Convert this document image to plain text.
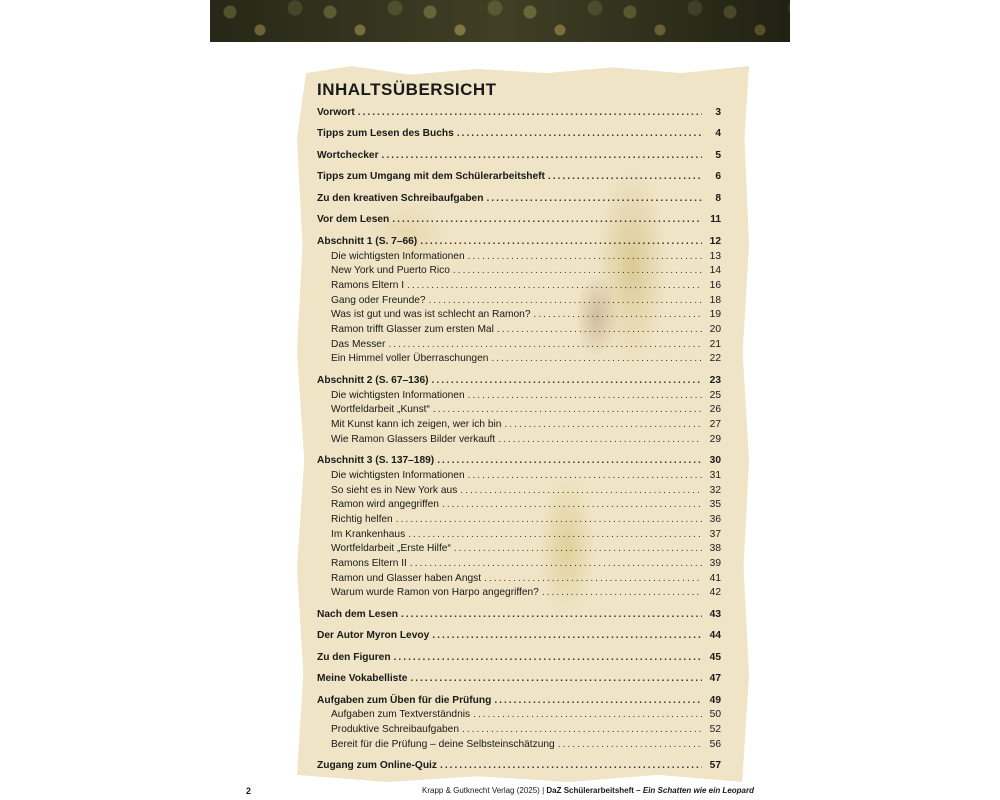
INHALTSÜBERSICHT
Vorwort .....	3
Tipps zum Lesen des Buchs .....	4
Wortchecker .....	5
Tipps zum Umgang mit dem Schülerarbeitsheft .....	6
Zu den kreativen Schreibaufgaben .....	8
Vor dem Lesen .....	11
Abschnitt 1 (S. 7–66) .....	12
Die wichtigsten Informationen .....	13
New York und Puerto Rico .....	14
Ramons Eltern I .....	16
Gang oder Freunde? .....	18
Was ist gut und was ist schlecht an Ramon? .....	19
Ramon trifft Glasser zum ersten Mal .....	20
Das Messer .....	21
Ein Himmel voller Überraschungen .....	22
Abschnitt 2 (S. 67–136) .....	23
Die wichtigsten Informationen .....	25
Wortfeldarbeit „Kunst“ .....	26
Mit Kunst kann ich zeigen, wer ich bin .....	27
Wie Ramon Glassers Bilder verkauft .....	29
Abschnitt 3 (S. 137–189) .....	30
Die wichtigsten Informationen .....	31
So sieht es in New York aus .....	32
Ramon wird angegriffen .....	35
Richtig helfen .....	36
Im Krankenhaus .....	37
Wortfeldarbeit „Erste Hilfe“ .....	38
Ramons Eltern II .....	39
Ramon und Glasser haben Angst .....	41
Warum wurde Ramon von Harpo angegriffen? .....	42
Nach dem Lesen .....	43
Der Autor Myron Levoy .....	44
Zu den Figuren .....	45
Meine Vokabelliste .....	47
Aufgaben zum Üben für die Prüfung .....	49
Aufgaben zum Textverständnis .....	50
Produktive Schreibaufgaben .....	52
Bereit für die Prüfung – deine Selbsteinschätzung .....	56
Zugang zum Online-Quiz .....	57
2	Krapp & Gutknecht Verlag (2025) | DaZ Schülerarbeitsheft – Ein Schatten wie ein Leopard
